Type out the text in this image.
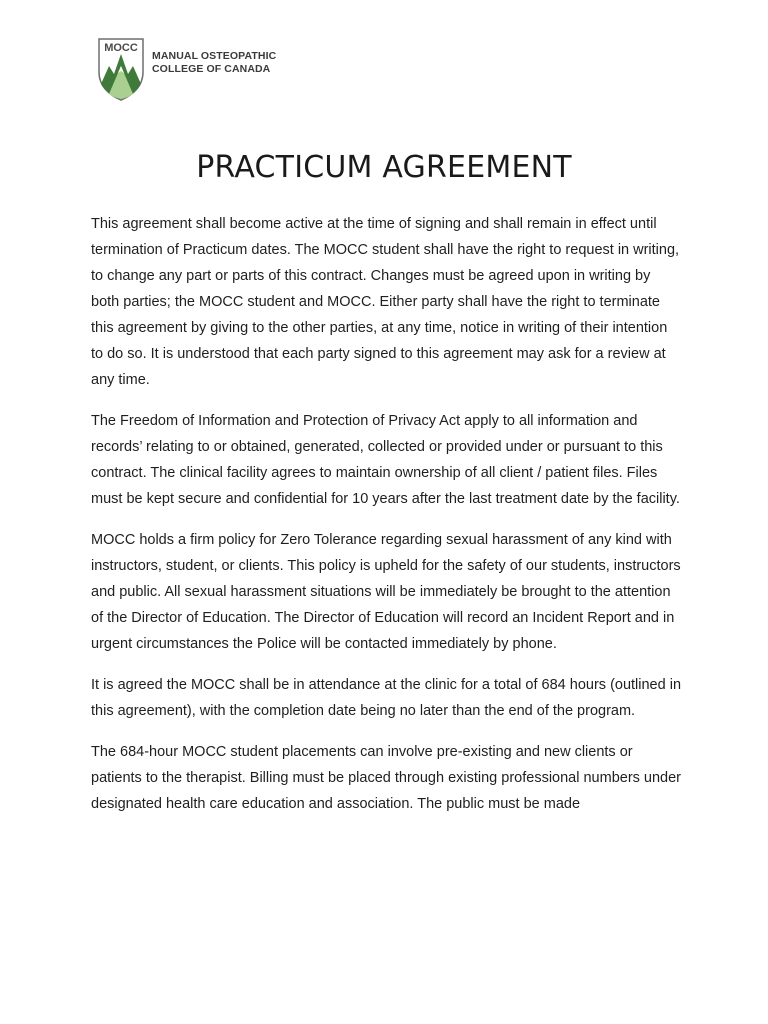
MOCC
MANUAL OSTEOPATHIC
COLLEGE OF CANADA
PRACTICUM AGREEMENT

This agreement shall become active at the time of signing and shall remain in effect until termination of Practicum dates. The MOCC student shall have the right to request in writing, to change any part or parts of this contract. Changes must be agreed upon in writing by both parties; the MOCC student and MOCC. Either party shall have the right to terminate this agreement by giving to the other parties, at any time, notice in writing of their intention to do so. It is understood that each party signed to this agreement may ask for a review at any time.

The Freedom of Information and Protection of Privacy Act apply to all information and records’ relating to or obtained, generated, collected or provided under or pursuant to this contract. The clinical facility agrees to maintain ownership of all client / patient files. Files must be kept secure and confidential for 10 years after the last treatment date by the facility.

MOCC holds a firm policy for Zero Tolerance regarding sexual harassment of any kind with instructors, student, or clients. This policy is upheld for the safety of our students, instructors and public. All sexual harassment situations will be immediately be brought to the attention of the Director of Education. The Director of Education will record an Incident Report and in urgent circumstances the Police will be contacted immediately by phone.

It is agreed the MOCC shall be in attendance at the clinic for a total of 684 hours (outlined in this agreement), with the completion date being no later than the end of the program.

The 684-hour MOCC student placements can involve pre-existing and new clients or patients to the therapist. Billing must be placed through existing professional numbers under designated health care education and association. The public must be made
